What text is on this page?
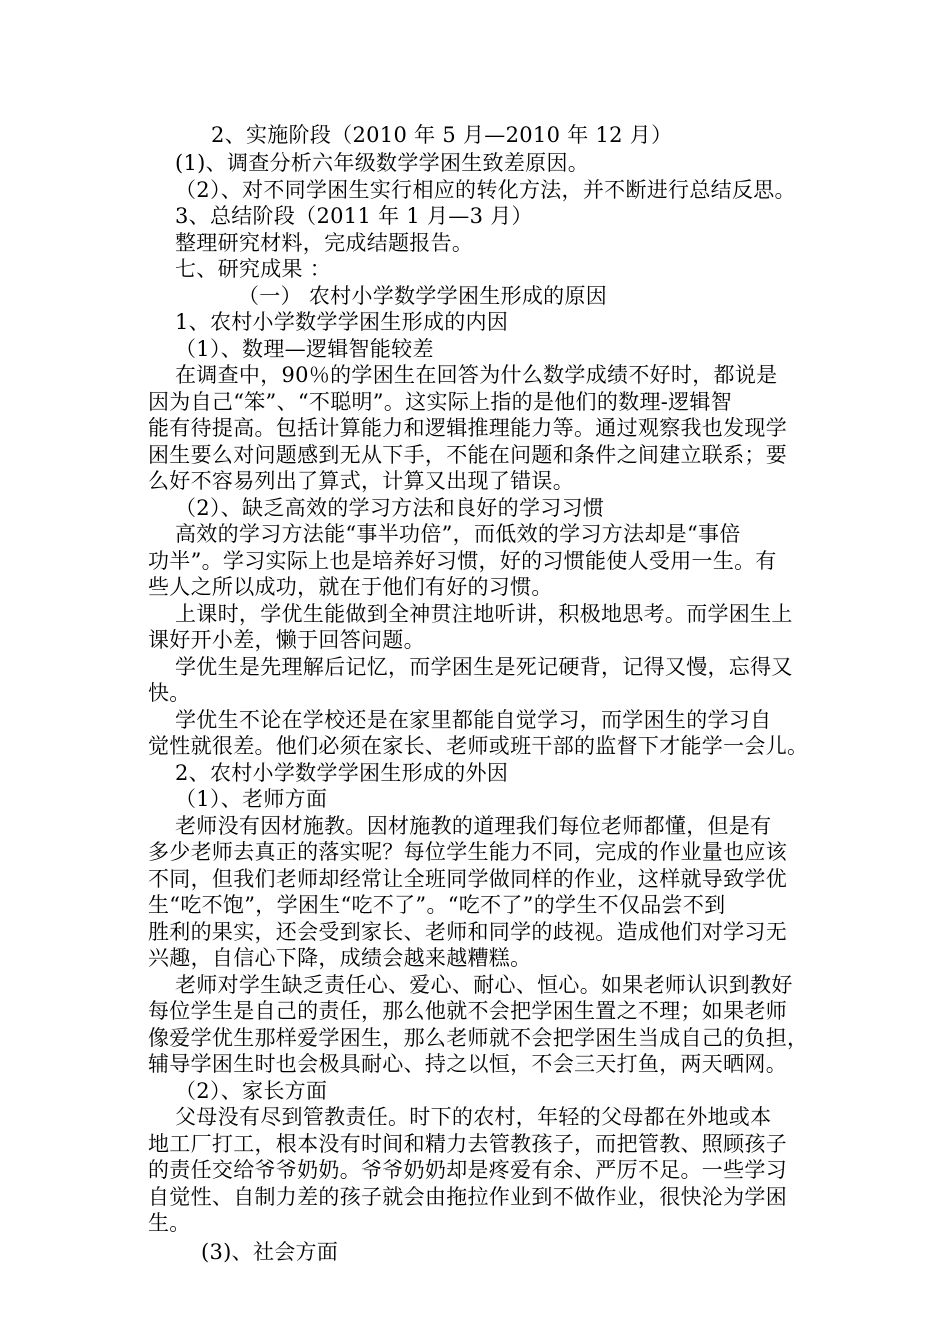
2、实施阶段（2010 年 5 月—2010 年 12 月）
(1)、调查分析六年级数学学困生致差原因。
（2）、对不同学困生实行相应的转化方法，并不断进行总结反思。
3、总结阶段（2011 年 1 月—3 月）
整理研究材料，完成结题报告。
七、研究成果 ：
（一） 农村小学数学学困生形成的原因
1、农村小学数学学困生形成的内因
（1）、数理—逻辑智能较差
在调查中，90％的学困生在回答为什么数学成绩不好时，都说是
因为自己“笨”、“不聪明”。这实际上指的是他们的数理-逻辑智
能有待提高。包括计算能力和逻辑推理能力等。通过观察我也发现学
困生要么对问题感到无从下手，不能在问题和条件之间建立联系；要
么好不容易列出了算式，计算又出现了错误。
（2）、缺乏高效的学习方法和良好的学习习惯
高效的学习方法能“事半功倍”，而低效的学习方法却是“事倍
功半”。学习实际上也是培养好习惯，好的习惯能使人受用一生。有
些人之所以成功，就在于他们有好的习惯。
上课时，学优生能做到全神贯注地听讲，积极地思考。而学困生上
课好开小差，懒于回答问题。
学优生是先理解后记忆，而学困生是死记硬背，记得又慢，忘得又
快。
学优生不论在学校还是在家里都能自觉学习，而学困生的学习自
觉性就很差。他们必须在家长、老师或班干部的监督下才能学一会儿。
2、农村小学数学学困生形成的外因
（1）、老师方面
老师没有因材施教。因材施教的道理我们每位老师都懂，但是有
多少老师去真正的落实呢？每位学生能力不同，完成的作业量也应该
不同，但我们老师却经常让全班同学做同样的作业，这样就导致学优
生“吃不饱”，学困生“吃不了”。“吃不了”的学生不仅品尝不到
胜利的果实，还会受到家长、老师和同学的歧视。造成他们对学习无
兴趣，自信心下降，成绩会越来越糟糕。
老师对学生缺乏责任心、爱心、耐心、恒心。如果老师认识到教好
每位学生是自己的责任，那么他就不会把学困生置之不理；如果老师
像爱学优生那样爱学困生，那么老师就不会把学困生当成自己的负担，
辅导学困生时也会极具耐心、持之以恒，不会三天打鱼，两天晒网。
（2）、家长方面
父母没有尽到管教责任。时下的农村，年轻的父母都在外地或本
地工厂打工，根本没有时间和精力去管教孩子，而把管教、照顾孩子
的责任交给爷爷奶奶。爷爷奶奶却是疼爱有余、严厉不足。一些学习
自觉性、自制力差的孩子就会由拖拉作业到不做作业，很快沦为学困
生。
(3)、社会方面
